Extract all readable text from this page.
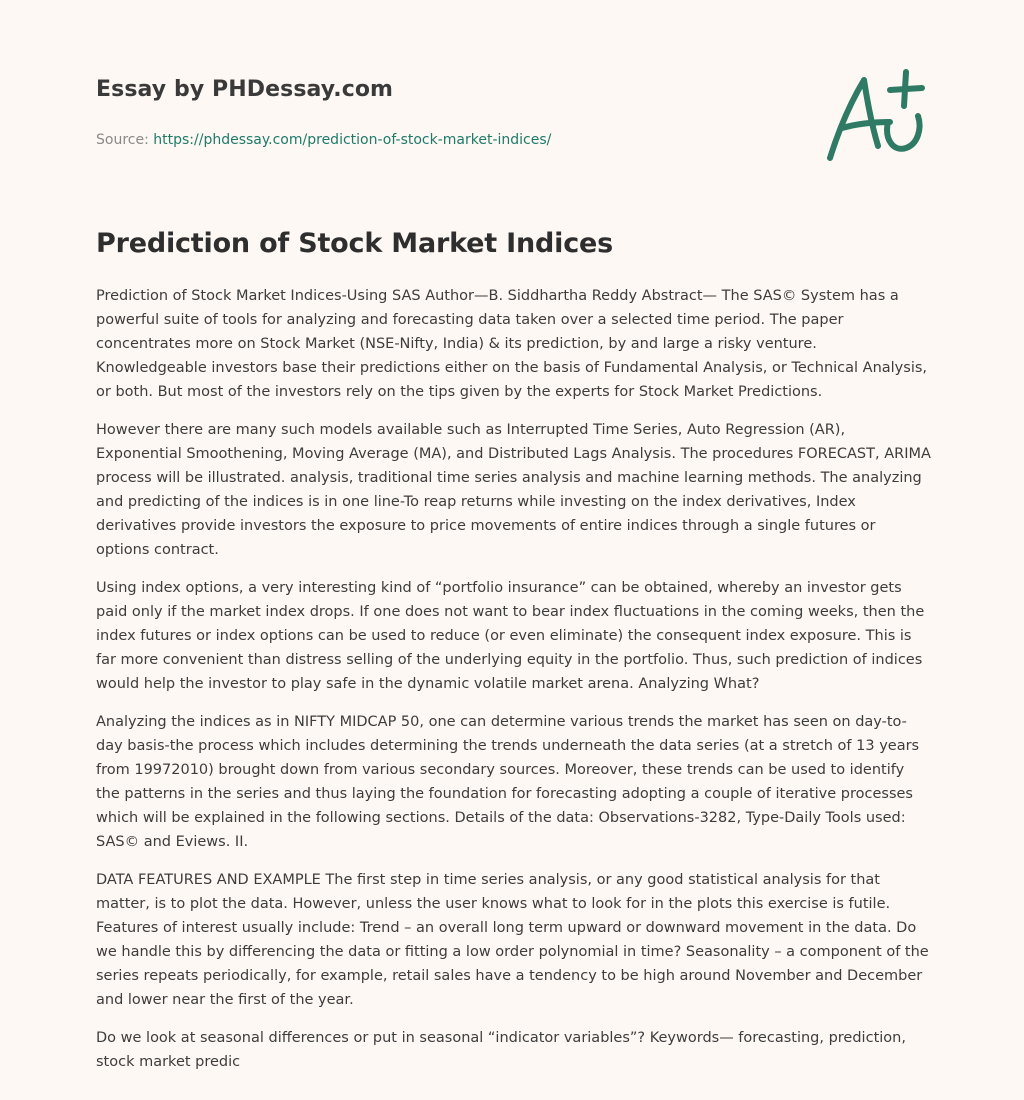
Essay by PHDessay.com
Source: https://phdessay.com/prediction-of-stock-market-indices/
Prediction of Stock Market Indices

Prediction of Stock Market Indices-Using SAS Author—B. Siddhartha Reddy Abstract— The SAS© System has a powerful suite of tools for analyzing and forecasting data taken over a selected time period. The paper concentrates more on Stock Market (NSE-Nifty, India) & its prediction, by and large a risky venture. Knowledgeable investors base their predictions either on the basis of Fundamental Analysis, or Technical Analysis, or both. But most of the investors rely on the tips given by the experts for Stock Market Predictions.

However there are many such models available such as Interrupted Time Series, Auto Regression (AR), Exponential Smoothening, Moving Average (MA), and Distributed Lags Analysis. The procedures FORECAST, ARIMA process will be illustrated. analysis, traditional time series analysis and machine learning methods. The analyzing and predicting of the indices is in one line-To reap returns while investing on the index derivatives, Index derivatives provide investors the exposure to price movements of entire indices through a single futures or options contract.

Using index options, a very interesting kind of “portfolio insurance” can be obtained, whereby an investor gets paid only if the market index drops. If one does not want to bear index fluctuations in the coming weeks, then the index futures or index options can be used to reduce (or even eliminate) the consequent index exposure. This is far more convenient than distress selling of the underlying equity in the portfolio. Thus, such prediction of indices would help the investor to play safe in the dynamic volatile market arena. Analyzing What?

Analyzing the indices as in NIFTY MIDCAP 50, one can determine various trends the market has seen on day-to-day basis-the process which includes determining the trends underneath the data series (at a stretch of 13 years from 19972010) brought down from various secondary sources. Moreover, these trends can be used to identify the patterns in the series and thus laying the foundation for forecasting adopting a couple of iterative processes which will be explained in the following sections. Details of the data: Observations-3282, Type-Daily Tools used: SAS© and Eviews. II.

DATA FEATURES AND EXAMPLE The first step in time series analysis, or any good statistical analysis for that matter, is to plot the data. However, unless the user knows what to look for in the plots this exercise is futile. Features of interest usually include: Trend – an overall long term upward or downward movement in the data. Do we handle this by differencing the data or fitting a low order polynomial in time? Seasonality – a component of the series repeats periodically, for example, retail sales have a tendency to be high around November and December and lower near the first of the year.

Do we look at seasonal differences or put in seasonal “indicator variables”? Keywords— forecasting, prediction, stock market predic
